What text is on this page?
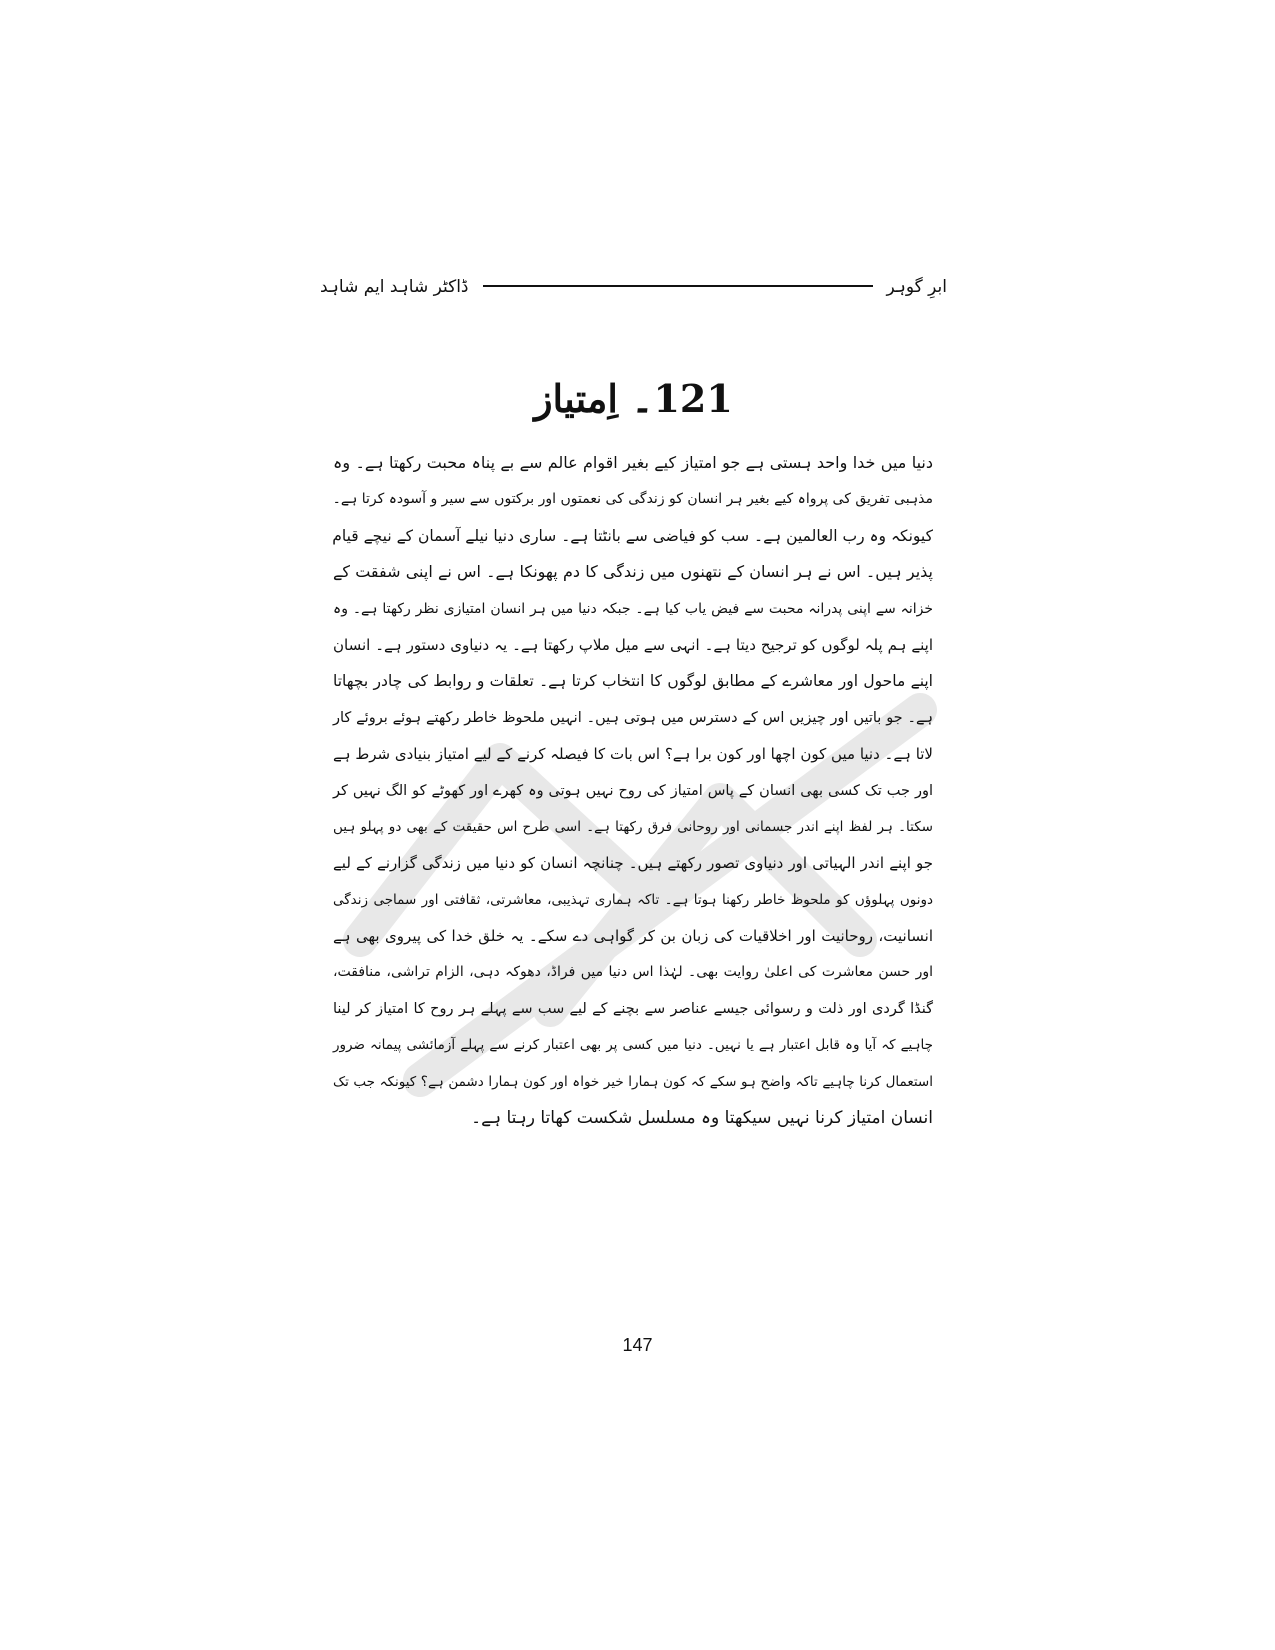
ابرِ گوہر
ڈاکٹر شاہد ایم شاہد
121۔ اِمتیاز
دنیا میں خدا واحد ہستی ہے جو امتیاز کیے بغیر اقوام عالم سے بے پناہ محبت رکھتا ہے۔ وہ
مذہبی تفریق کی پرواہ کیے بغیر ہر انسان کو زندگی کی نعمتوں اور برکتوں سے سیر و آسودہ کرتا ہے۔
کیونکہ وہ رب العالمین ہے۔ سب کو فیاضی سے بانٹتا ہے۔ ساری دنیا نیلے آسمان کے نیچے قیام
پذیر ہیں۔ اس نے ہر انسان کے نتھنوں میں زندگی کا دم پھونکا ہے۔ اس نے اپنی شفقت کے
خزانہ سے اپنی پدرانہ محبت سے فیض یاب کیا ہے۔ جبکہ دنیا میں ہر انسان امتیازی نظر رکھتا ہے۔ وہ
اپنے ہم پلہ لوگوں کو ترجیح دیتا ہے۔ انہی سے میل ملاپ رکھتا ہے۔ یہ دنیاوی دستور ہے۔ انسان
اپنے ماحول اور معاشرے کے مطابق لوگوں کا انتخاب کرتا ہے۔ تعلقات و روابط کی چادر بچھاتا
ہے۔ جو باتیں اور چیزیں اس کے دسترس میں ہوتی ہیں۔ انہیں ملحوظ خاطر رکھتے ہوئے بروئے کار
لاتا ہے۔ دنیا میں کون اچھا اور کون برا ہے؟ اس بات کا فیصلہ کرنے کے لیے امتیاز بنیادی شرط ہے
اور جب تک کسی بھی انسان کے پاس امتیاز کی روح نہیں ہوتی وہ کھرے اور کھوٹے کو الگ نہیں کر
سکتا۔ ہر لفظ اپنے اندر جسمانی اور روحانی فرق رکھتا ہے۔ اسی طرح اس حقیقت کے بھی دو پہلو ہیں
جو اپنے اندر الہیاتی اور دنیاوی تصور رکھتے ہیں۔ چنانچہ انسان کو دنیا میں زندگی گزارنے کے لیے
دونوں پہلوؤں کو ملحوظ خاطر رکھنا ہوتا ہے۔ تاکہ ہماری تہذیبی، معاشرتی، ثقافتی اور سماجی زندگی
انسانیت، روحانیت اور اخلاقیات کی زبان بن کر گواہی دے سکے۔ یہ خلق خدا کی پیروی بھی ہے
اور حسن معاشرت کی اعلیٰ روایت بھی۔ لہٰذا اس دنیا میں فراڈ، دھوکہ دہی، الزام تراشی، منافقت،
گنڈا گردی اور ذلت و رسوائی جیسے عناصر سے بچنے کے لیے سب سے پہلے ہر روح کا امتیاز کر لینا
چاہیے کہ آیا وہ قابل اعتبار ہے یا نہیں۔ دنیا میں کسی پر بھی اعتبار کرنے سے پہلے آزمائشی پیمانہ ضرور
استعمال کرنا چاہیے تاکہ واضح ہو سکے کہ کون ہمارا خیر خواہ اور کون ہمارا دشمن ہے؟ کیونکہ جب تک
انسان امتیاز کرنا نہیں سیکھتا وہ مسلسل شکست کھاتا رہتا ہے۔
147
